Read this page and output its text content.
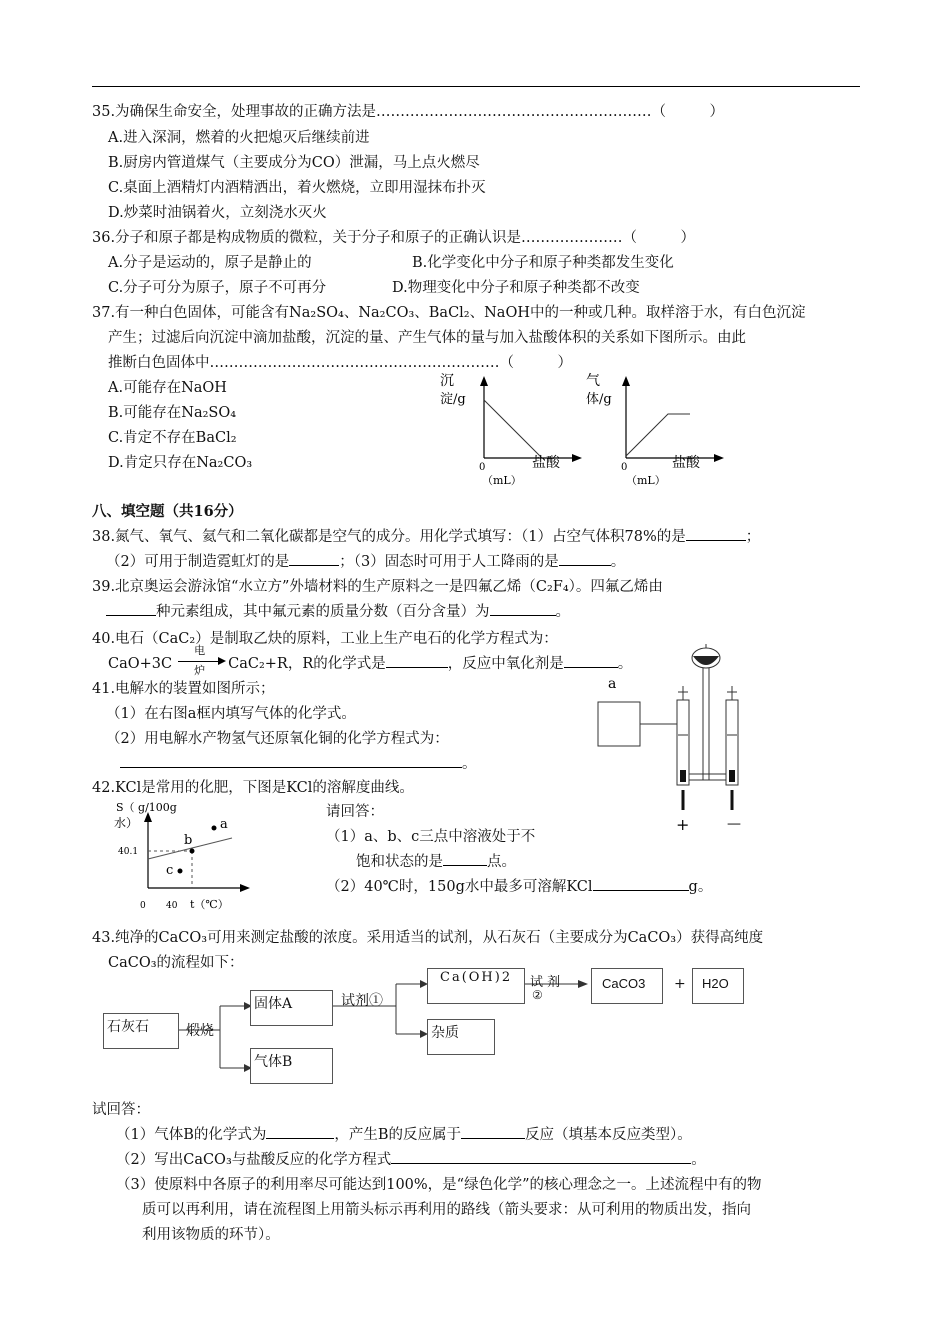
35.为确保生命安全，处理事故的正确方法是…………………………………………………（　　　）
A.进入深洞，燃着的火把熄灭后继续前进
B.厨房内管道煤气（主要成分为CO）泄漏，马上点火燃尽
C.桌面上酒精灯内酒精洒出，着火燃烧，立即用湿抹布扑灭
D.炒菜时油锅着火，立刻浇水灭火
36.分子和原子都是构成物质的微粒，关于分子和原子的正确认识是…………………（　　　）
A.分子是运动的，原子是静止的	B.化学变化中分子和原子种类都发生变化
C.分子可分为原子，原子不可再分	D.物理变化中分子和原子种类都不改变
37.有一种白色固体，可能含有Na₂SO₄、Na₂CO₃、BaCl₂、NaOH中的一种或几种。取样溶于水，有白色沉淀
产生；过滤后向沉淀中滴加盐酸，沉淀的量、产生气体的量与加入盐酸体积的关系如下图所示。由此
推断白色固体中……………………………………………………（　　　）
A.可能存在NaOH
B.可能存在Na₂SO₄
C.肯定不存在BaCl₂
D.肯定只存在Na₂CO₃
沉
淀/g
0	盐酸
（mL）
气
体/g
0	盐酸
（mL）
八、填空题（共16分）
38.氮气、氧气、氦气和二氧化碳都是空气的成分。用化学式填写：（1）占空气体积78%的是	；
（2）可用于制造霓虹灯的是	；（3）固态时可用于人工降雨的是	。
39.北京奥运会游泳馆“水立方”外墙材料的生产原料之一是四氟乙烯（C₂F₄）。四氟乙烯由
种元素组成，其中氟元素的质量分数（百分含量）为	。
40.电石（CaC₂）是制取乙炔的原料，工业上生产电石的化学方程式为：
CaO+3C
电
炉 CaC₂+R，R的化学式是	，反应中氧化剂是	。
41.电解水的装置如图所示；
（1）在右图a框内填写气体的化学式。
（2）用电解水产物氢气还原氧化铜的化学方程式为：
。
a
+	—
42.KCl是常用的化肥，下图是KCl的溶解度曲线。
a
b
c
S（ g/100g
水）
40.1
0 40 t（℃）
请回答：
（1）a、b、c三点中溶液处于不
饱和状态的是	点。
（2）40℃时，150g水中最多可溶解KCl	g。
43.纯净的CaCO₃可用来测定盐酸的浓度。采用适当的试剂，从石灰石（主要成分为CaCO₃）获得高纯度
CaCO₃的流程如下：
石灰石	煅烧
固体A
气体B
试剂①
Ca(OH)2
杂质
试 剂
②
CaCO3 + H2O
试回答：
（1）气体B的化学式为	，产生B的反应属于	反应（填基本反应类型）。
（2）写出CaCO₃与盐酸反应的化学方程式	。
（3）使原料中各原子的利用率尽可能达到100%，是“绿色化学”的核心理念之一。上述流程中有的物
质可以再利用，请在流程图上用箭头标示再利用的路线（箭头要求：从可利用的物质出发，指向
利用该物质的环节）。
